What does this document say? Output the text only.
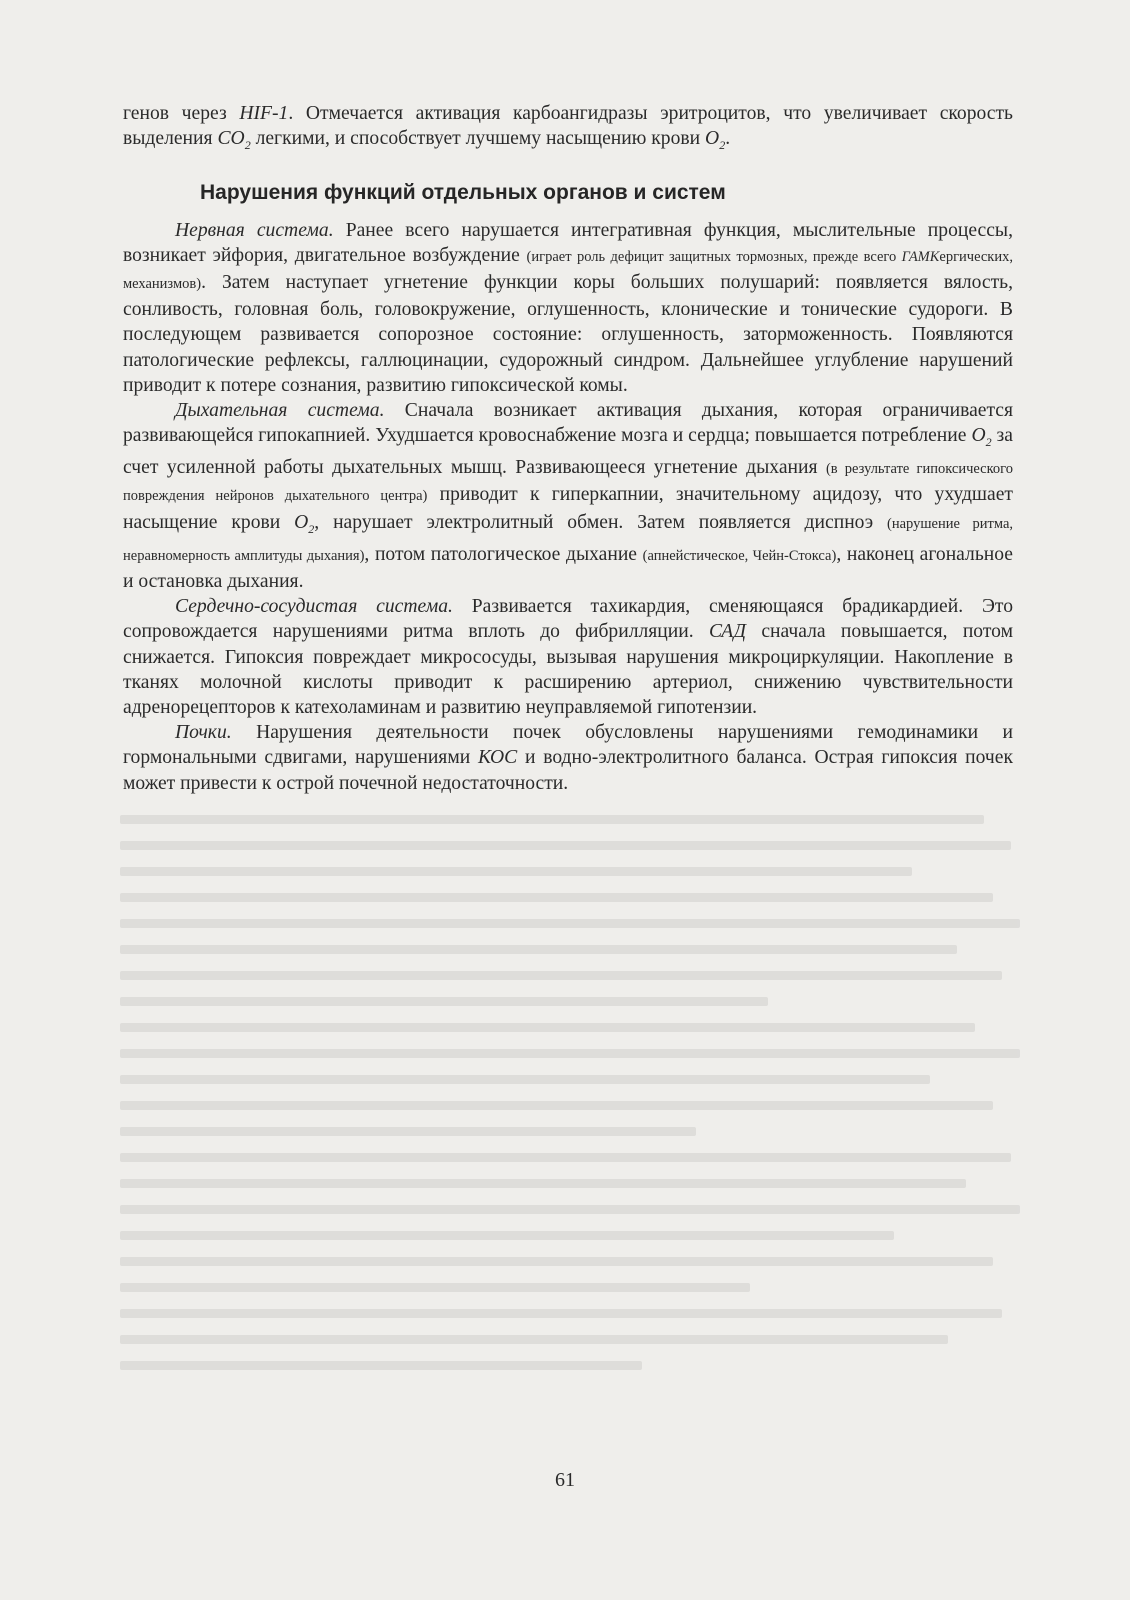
генов через HIF-1. Отмечается активация карбоангидразы эритроцитов, что увеличивает скорость выделения $CO_2$ легкими, и способствует лучшему насыщению крови $O_2$.

Нарушения функций отдельных органов и систем

Нервная система. Ранее всего нарушается интегративная функция, мыслительные процессы, возникает эйфория, двигательное возбуждение (играет роль дефицит защитных тормозных, прежде всего ГАМКергических, механизмов). Затем наступает угнетение функции коры больших полушарий: появляется вялость, сонливость, головная боль, головокружение, оглушенность, клонические и тонические судороги. В последующем развивается сопорозное состояние: оглушенность, заторможенность. Появляются патологические рефлексы, галлюцинации, судорожный синдром. Дальнейшее углубление нарушений приводит к потере сознания, развитию гипоксической комы.

Дыхательная система. Сначала возникает активация дыхания, которая ограничивается развивающейся гипокапнией. Ухудшается кровоснабжение мозга и сердца; повышается потребление $O_2$ за счет усиленной работы дыхательных мышц. Развивающееся угнетение дыхания (в результате гипоксического повреждения нейронов дыхательного центра) приводит к гиперкапнии, значительному ацидозу, что ухудшает насыщение крови $O_2$, нарушает электролитный обмен. Затем появляется диспноэ (нарушение ритма, неравномерность амплитуды дыхания), потом патологическое дыхание (апнейстическое, Чейн-Стокса), наконец агональное и остановка дыхания.

Сердечно-сосудистая система. Развивается тахикардия, сменяющаяся брадикардией. Это сопровождается нарушениями ритма вплоть до фибрилляции. САД сначала повышается, потом снижается. Гипоксия повреждает микрососуды, вызывая нарушения микроциркуляции. Накопление в тканях молочной кислоты приводит к расширению артериол, снижению чувствительности адренорецепторов к катехоламинам и развитию неуправляемой гипотензии.

Почки. Нарушения деятельности почек обусловлены нарушениями гемодинамики и гормональными сдвигами, нарушениями КОС и водно-электролитного баланса. Острая гипоксия почек может привести к острой почечной недостаточности.

61
